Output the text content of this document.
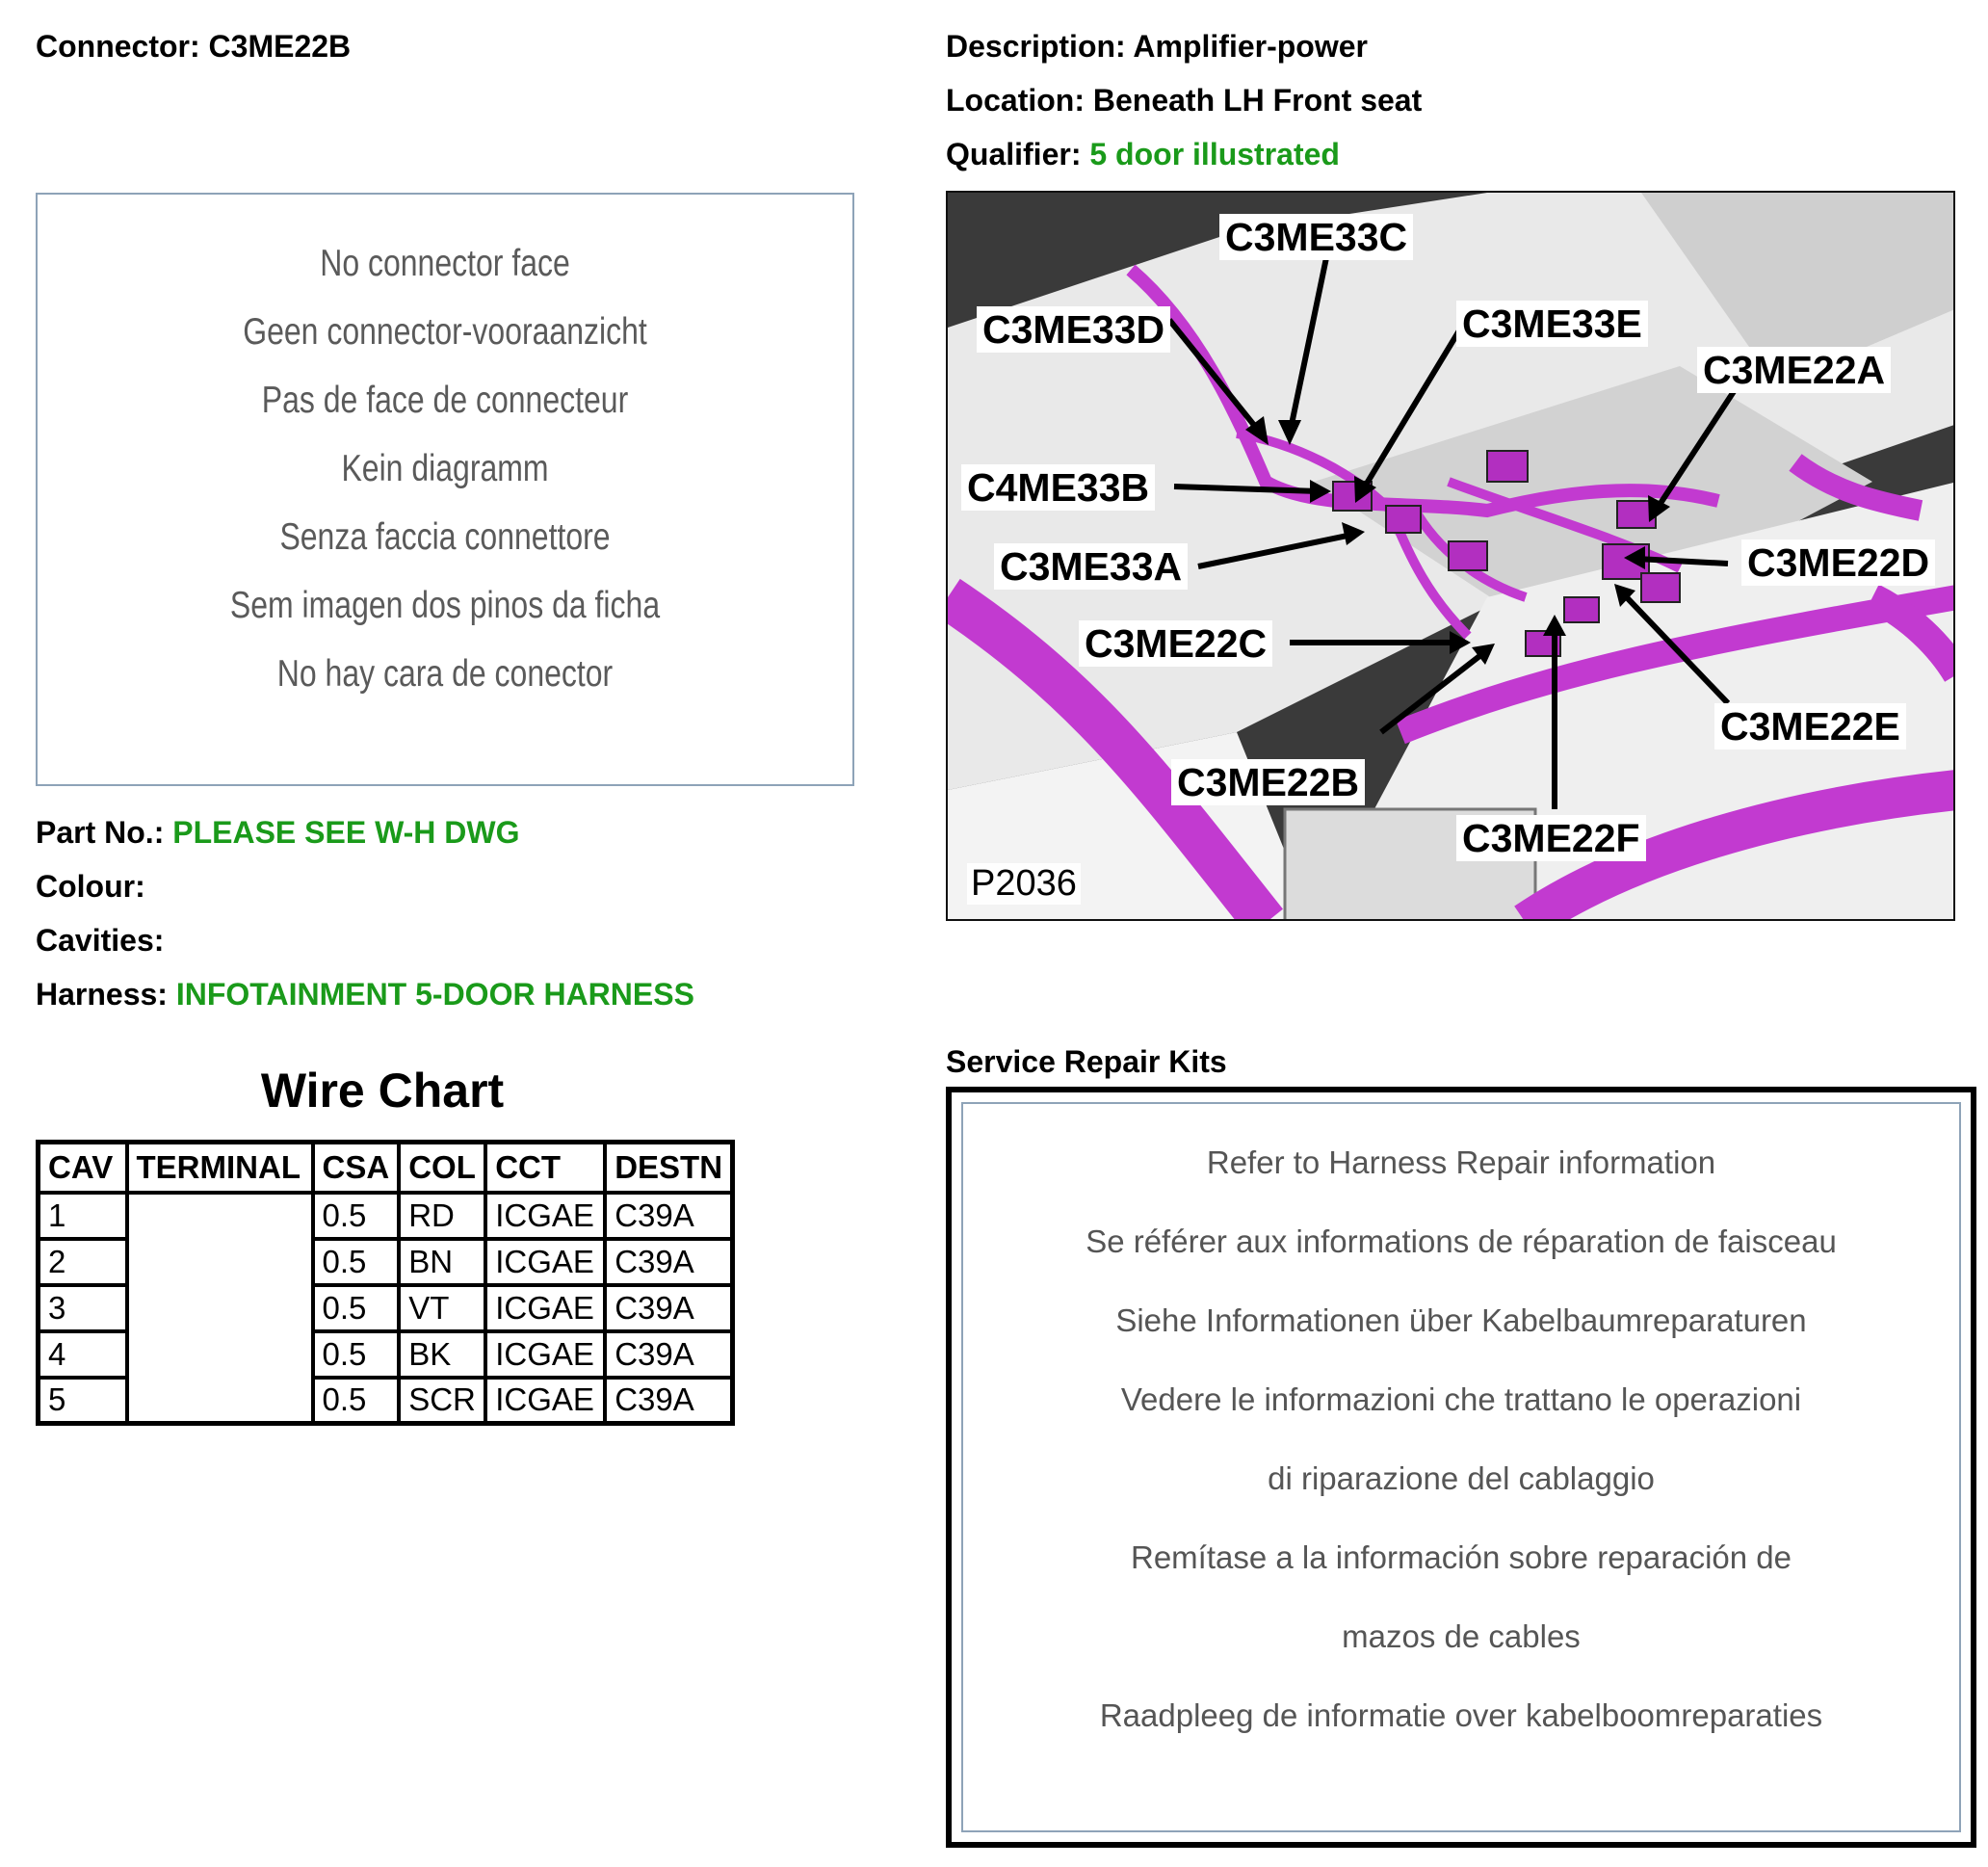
Connector: C3ME22B	Description: Amplifier-power
Location: Beneath LH Front seat
Qualifier: 5 door illustrated
No connector face
Geen connector-vooraanzicht
Pas de face de connecteur
Kein diagramm
Senza faccia connettore
Sem imagen dos pinos da ficha
No hay cara de conector
Part No.: PLEASE SEE W-H DWG
Colour:
Cavities:
Harness: INFOTAINMENT 5-DOOR HARNESS
C3ME33C
C3ME33D	C3ME33E
C3ME22A
C4ME33B
C3ME33A	C3ME22D
C3ME22C
C3ME22E
C3ME22B
C3ME22F
P2036
Wire Chart
CAV	TERMINAL	CSA	COL	CCT	DESTN
1		0.5	RD	ICGAE	C39A
2		0.5	BN	ICGAE	C39A
3		0.5	VT	ICGAE	C39A
4		0.5	BK	ICGAE	C39A
5		0.5	SCR	ICGAE	C39A
Service Repair Kits
Refer to Harness Repair information
Se référer aux informations de réparation de faisceau
Siehe Informationen über Kabelbaumreparaturen
Vedere le informazioni che trattano le operazioni
di riparazione del cablaggio
Remítase a la información sobre reparación de
mazos de cables
Raadpleeg de informatie over kabelboomreparaties
